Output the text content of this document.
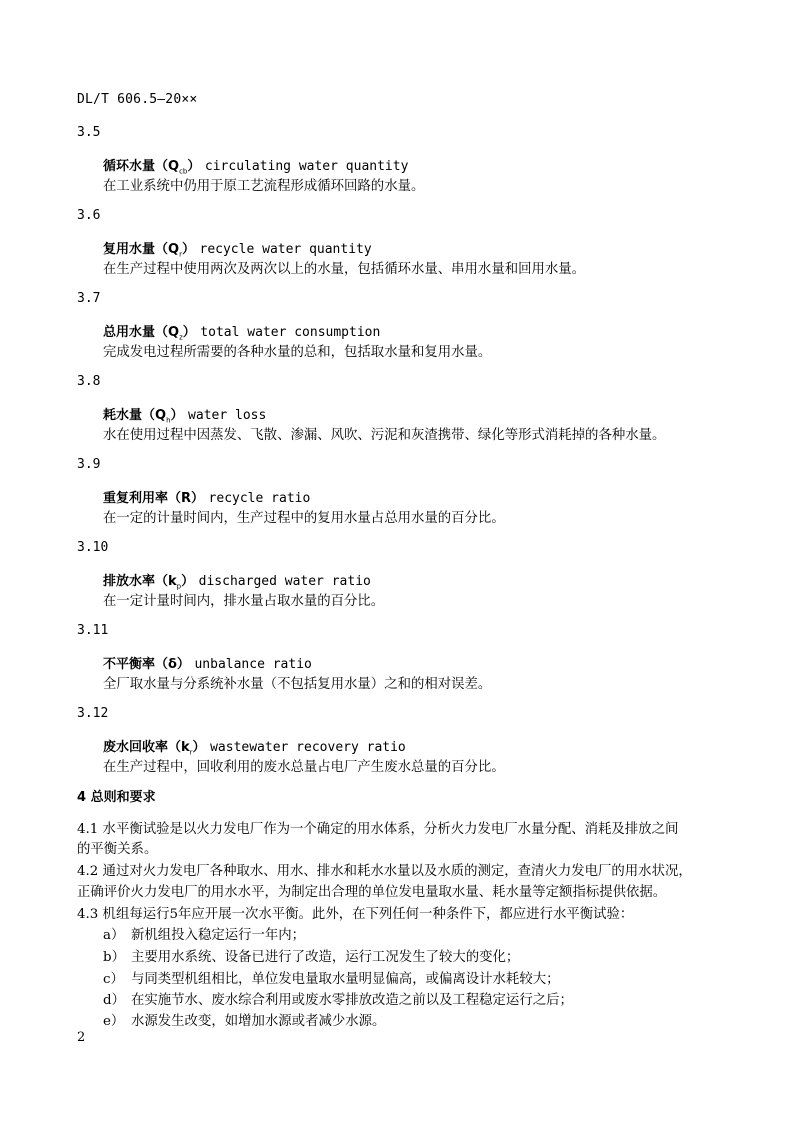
DL/T 606.5—20××
3.5
循环水量$(Q_{cb})$ circulating water quantity
在工业系统中仍用于原工艺流程形成循环回路的水量。
3.6
复用水量$(Q_r)$ recycle water quantity
在生产过程中使用两次及两次以上的水量，包括循环水量、串用水量和回用水量。
3.7
总用水量$(Q_z)$ total water consumption
完成发电过程所需要的各种水量的总和，包括取水量和复用水量。
3.8
耗水量$(Q_h)$ water loss
水在使用过程中因蒸发、飞散、渗漏、风吹、污泥和灰渣携带、绿化等形式消耗掉的各种水量。
3.9
重复利用率（R） recycle ratio
在一定的计量时间内，生产过程中的复用水量占总用水量的百分比。
3.10
排放水率$(k_p)$ discharged water ratio
在一定计量时间内，排水量占取水量的百分比。
3.11
不平衡率（δ） unbalance ratio
全厂取水量与分系统补水量（不包括复用水量）之和的相对误差。
3.12
废水回收率$(k_r)$ wastewater recovery ratio
在生产过程中，回收利用的废水总量占电厂产生废水总量的百分比。
4 总则和要求
4.1 水平衡试验是以火力发电厂作为一个确定的用水体系，分析火力发电厂水量分配、消耗及排放之间
的平衡关系。
4.2 通过对火力发电厂各种取水、用水、排水和耗水水量以及水质的测定，查清火力发电厂的用水状况，
正确评价火力发电厂的用水水平，为制定出合理的单位发电量取水量、耗水量等定额指标提供依据。
4.3 机组每运行5年应开展一次水平衡。此外，在下列任何一种条件下，都应进行水平衡试验：
a） 新机组投入稳定运行一年内；
b） 主要用水系统、设备已进行了改造，运行工况发生了较大的变化；
c） 与同类型机组相比，单位发电量取水量明显偏高，或偏离设计水耗较大；
d） 在实施节水、废水综合利用或废水零排放改造之前以及工程稳定运行之后；
e） 水源发生改变，如增加水源或者减少水源。
2
